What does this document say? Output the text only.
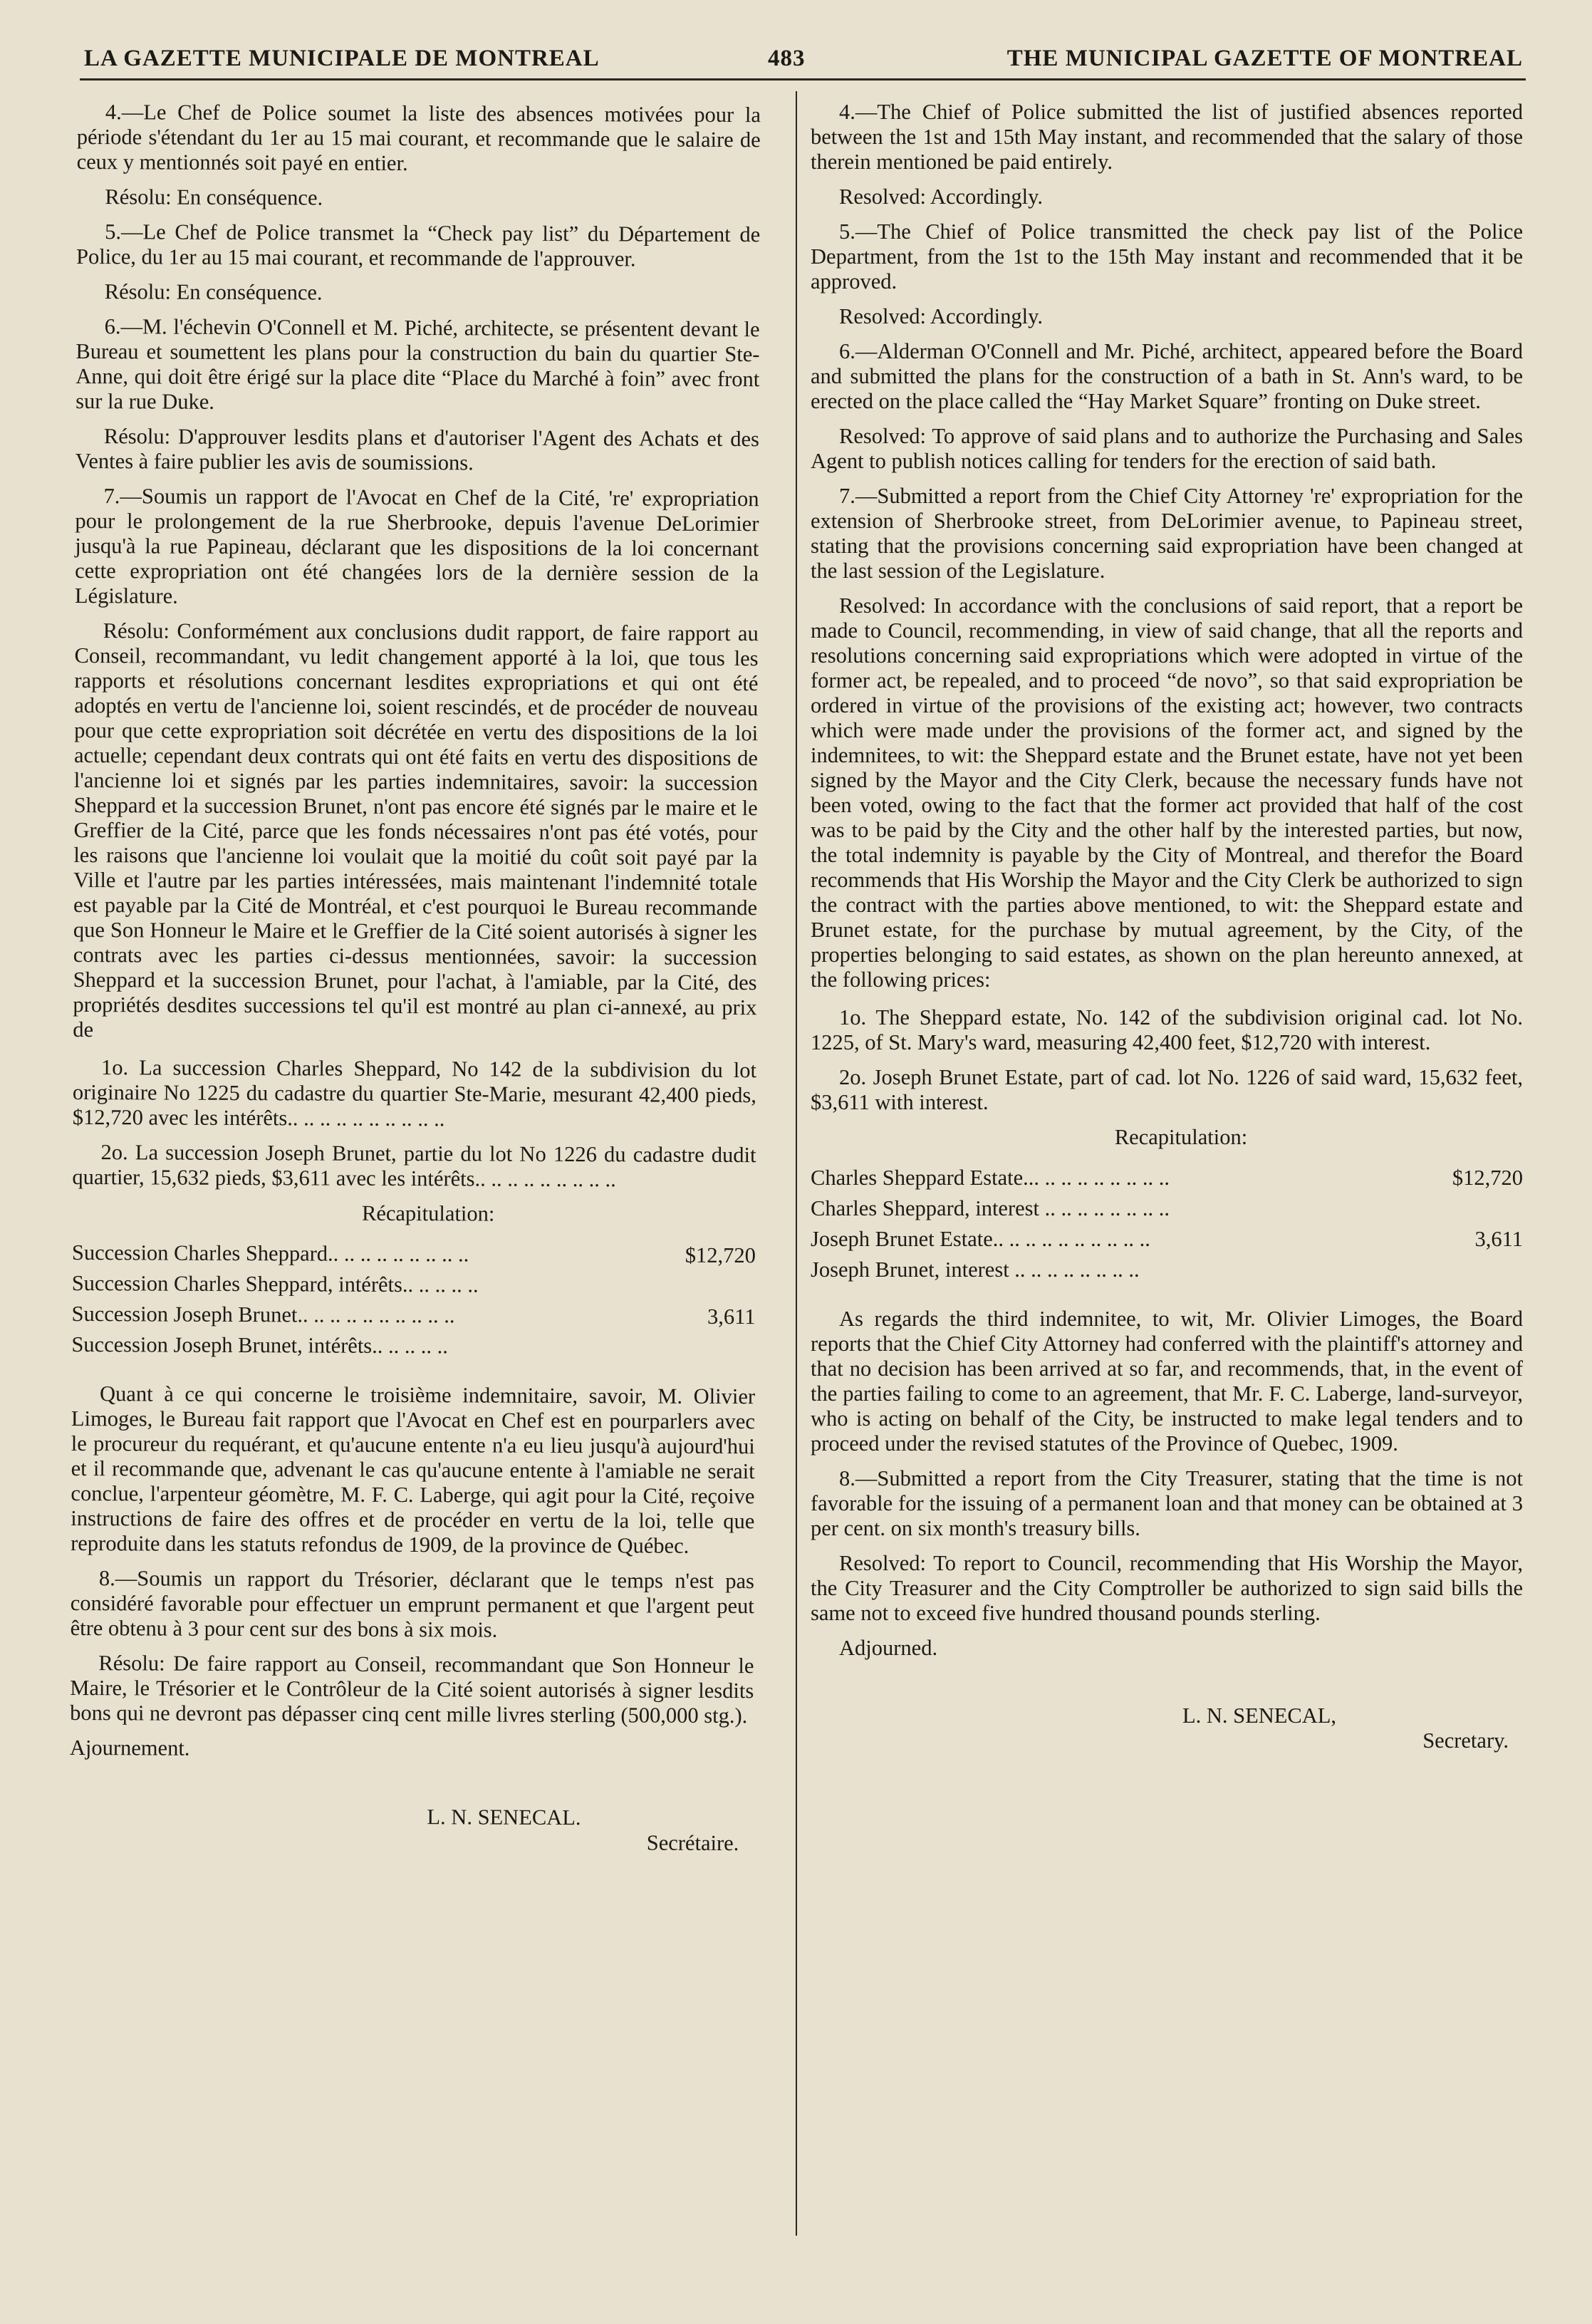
LA GAZETTE MUNICIPALE DE MONTREAL	483	THE MUNICIPAL GAZETTE OF MONTREAL

4.—Le Chef de Police soumet la liste des absences motivées pour la période s'étendant du 1er au 15 mai courant, et recommande que le salaire de ceux y mentionnés soit payé en entier.

Résolu: En conséquence.

5.—Le Chef de Police transmet la “Check pay list” du Département de Police, du 1er au 15 mai courant, et recommande de l'approuver.

Résolu: En conséquence.

6.—M. l'échevin O'Connell et M. Piché, architecte, se présentent devant le Bureau et soumettent les plans pour la construction du bain du quartier Ste-Anne, qui doit être érigé sur la place dite “Place du Marché à foin” avec front sur la rue Duke.

Résolu: D'approuver lesdits plans et d'autoriser l'Agent des Achats et des Ventes à faire publier les avis de soumissions.

7.—Soumis un rapport de l'Avocat en Chef de la Cité, 're' expropriation pour le prolongement de la rue Sherbrooke, depuis l'avenue DeLorimier jusqu'à la rue Papineau, déclarant que les dispositions de la loi concernant cette expropriation ont été changées lors de la dernière session de la Législature.

Résolu: Conformément aux conclusions dudit rapport, de faire rapport au Conseil, recommandant, vu ledit changement apporté à la loi, que tous les rapports et résolutions concernant lesdites expropriations et qui ont été adoptés en vertu de l'ancienne loi, soient rescindés, et de procéder de nouveau pour que cette expropriation soit décrétée en vertu des dispositions de la loi actuelle; cependant deux contrats qui ont été faits en vertu des dispositions de l'ancienne loi et signés par les parties indemnitaires, savoir: la succession Sheppard et la succession Brunet, n'ont pas encore été signés par le maire et le Greffier de la Cité, parce que les fonds nécessaires n'ont pas été votés, pour les raisons que l'ancienne loi voulait que la moitié du coût soit payé par la Ville et l'autre par les parties intéressées, mais maintenant l'indemnité totale est payable par la Cité de Montréal, et c'est pourquoi le Bureau recommande que Son Honneur le Maire et le Greffier de la Cité soient autorisés à signer les contrats avec les parties ci-dessus mentionnées, savoir: la succession Sheppard et la succession Brunet, pour l'achat, à l'amiable, par la Cité, des propriétés desdites successions tel qu'il est montré au plan ci-annexé, au prix de

1o. La succession Charles Sheppard, No 142 de la subdivision du lot originaire No 1225 du cadastre du quartier Ste-Marie, mesurant 42,400 pieds, $12,720 avec les intérêts.. .. .. .. .. .. .. .. .. ..

2o. La succession Joseph Brunet, partie du lot No 1226 du cadastre dudit quartier, 15,632 pieds, $3,611 avec les intérêts.. .. .. .. .. .. .. .. ..

Récapitulation:

Succession Charles Sheppard.. .. .. .. .. .. .. .. ..	$12,720
Succession Charles Sheppard, intérêts.. .. .. .. ..
Succession Joseph Brunet.. .. .. .. .. .. .. .. .. ..	3,611
Succession Joseph Brunet, intérêts.. .. .. .. ..

Quant à ce qui concerne le troisième indemnitaire, savoir, M. Olivier Limoges, le Bureau fait rapport que l'Avocat en Chef est en pourparlers avec le procureur du requérant, et qu'aucune entente n'a eu lieu jusqu'à aujourd'hui et il recommande que, advenant le cas qu'aucune entente à l'amiable ne serait conclue, l'arpenteur géomètre, M. F. C. Laberge, qui agit pour la Cité, reçoive instructions de faire des offres et de procéder en vertu de la loi, telle que reproduite dans les statuts refondus de 1909, de la province de Québec.

8.—Soumis un rapport du Trésorier, déclarant que le temps n'est pas considéré favorable pour effectuer un emprunt permanent et que l'argent peut être obtenu à 3 pour cent sur des bons à six mois.

Résolu: De faire rapport au Conseil, recommandant que Son Honneur le Maire, le Trésorier et le Contrôleur de la Cité soient autorisés à signer lesdits bons qui ne devront pas dépasser cinq cent mille livres sterling (500,000 stg.).

Ajournement.

L. N. SENECAL.
Secrétaire.

4.—The Chief of Police submitted the list of justified absences reported between the 1st and 15th May instant, and recommended that the salary of those therein mentioned be paid entirely.

Resolved: Accordingly.

5.—The Chief of Police transmitted the check pay list of the Police Department, from the 1st to the 15th May instant and recommended that it be approved.

Resolved: Accordingly.

6.—Alderman O'Connell and Mr. Piché, architect, appeared before the Board and submitted the plans for the construction of a bath in St. Ann's ward, to be erected on the place called the “Hay Market Square” fronting on Duke street.

Resolved: To approve of said plans and to authorize the Purchasing and Sales Agent to publish notices calling for tenders for the erection of said bath.

7.—Submitted a report from the Chief City Attorney 're' expropriation for the extension of Sherbrooke street, from DeLorimier avenue, to Papineau street, stating that the provisions concerning said expropriation have been changed at the last session of the Legislature.

Resolved: In accordance with the conclusions of said report, that a report be made to Council, recommending, in view of said change, that all the reports and resolutions concerning said expropriations which were adopted in virtue of the former act, be repealed, and to proceed “de novo”, so that said expropriation be ordered in virtue of the provisions of the existing act; however, two contracts which were made under the provisions of the former act, and signed by the indemnitees, to wit: the Sheppard estate and the Brunet estate, have not yet been signed by the Mayor and the City Clerk, because the necessary funds have not been voted, owing to the fact that the former act provided that half of the cost was to be paid by the City and the other half by the interested parties, but now, the total indemnity is payable by the City of Montreal, and therefor the Board recommends that His Worship the Mayor and the City Clerk be authorized to sign the contract with the parties above mentioned, to wit: the Sheppard estate and Brunet estate, for the purchase by mutual agreement, by the City, of the properties belonging to said estates, as shown on the plan hereunto annexed, at the following prices:

1o. The Sheppard estate, No. 142 of the subdivision original cad. lot No. 1225, of St. Mary's ward, measuring 42,400 feet, $12,720 with interest.

2o. Joseph Brunet Estate, part of cad. lot No. 1226 of said ward, 15,632 feet, $3,611 with interest.

Recapitulation:

Charles Sheppard Estate... .. .. .. .. .. .. .. ..	$12,720
Charles Sheppard, interest .. .. .. .. .. .. .. ..
Joseph Brunet Estate.. .. .. .. .. .. .. .. .. ..	3,611
Joseph Brunet, interest .. .. .. .. .. .. .. ..

As regards the third indemnitee, to wit, Mr. Olivier Limoges, the Board reports that the Chief City Attorney had conferred with the plaintiff's attorney and that no decision has been arrived at so far, and recommends, that, in the event of the parties failing to come to an agreement, that Mr. F. C. Laberge, land-surveyor, who is acting on behalf of the City, be instructed to make legal tenders and to proceed under the revised statutes of the Province of Quebec, 1909.

8.—Submitted a report from the City Treasurer, stating that the time is not favorable for the issuing of a permanent loan and that money can be obtained at 3 per cent. on six month's treasury bills.

Resolved: To report to Council, recommending that His Worship the Mayor, the City Treasurer and the City Comptroller be authorized to sign said bills the same not to exceed five hundred thousand pounds sterling.

Adjourned.

L. N. SENECAL,
Secretary.
